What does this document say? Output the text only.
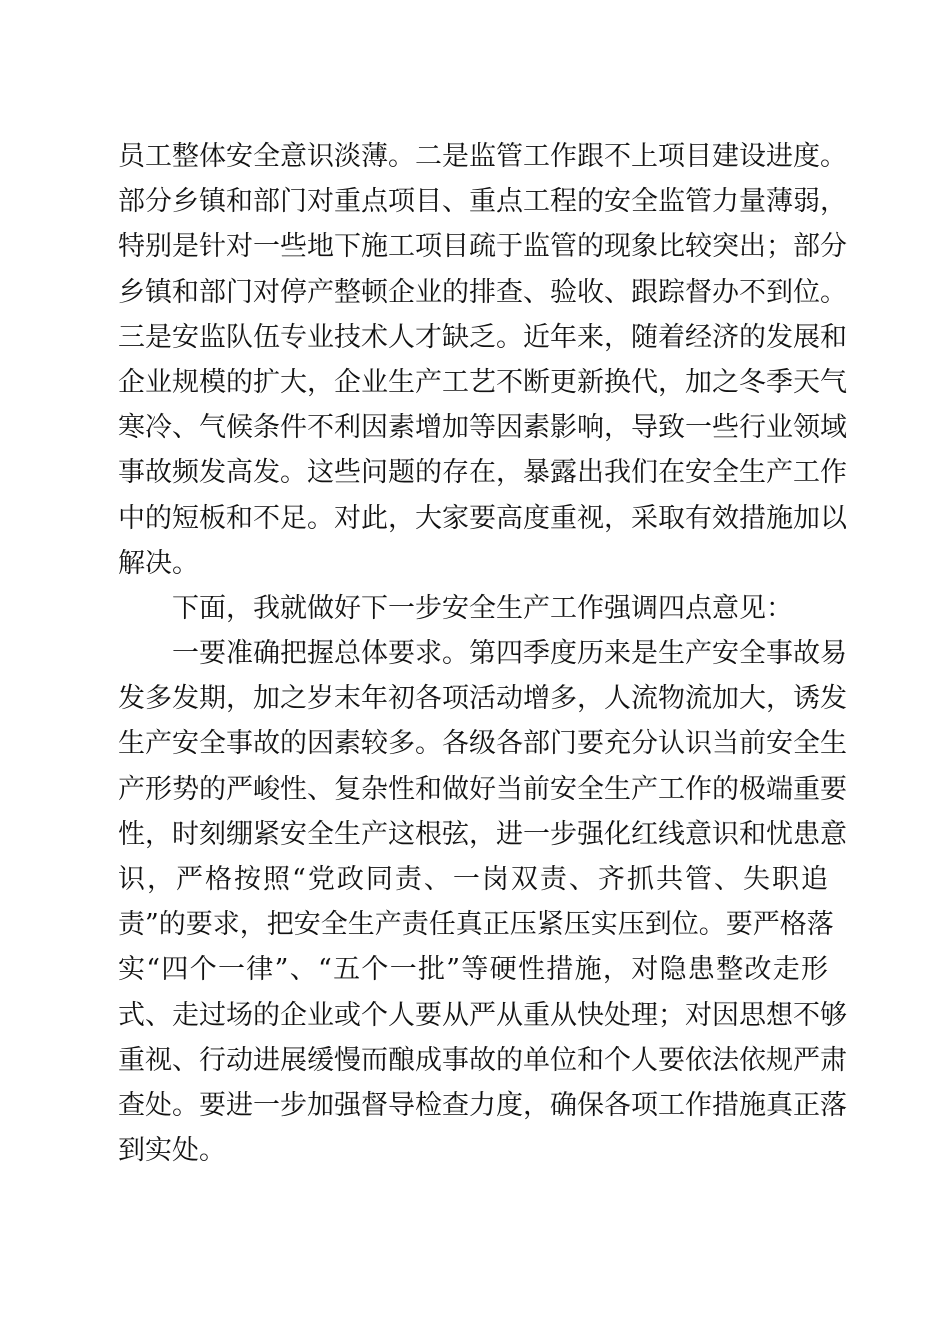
员工整体安全意识淡薄。二是监管工作跟不上项目建设进度。
部分乡镇和部门对重点项目、重点工程的安全监管力量薄弱，
特别是针对一些地下施工项目疏于监管的现象比较突出；部分
乡镇和部门对停产整顿企业的排查、验收、跟踪督办不到位。
三是安监队伍专业技术人才缺乏。近年来，随着经济的发展和
企业规模的扩大，企业生产工艺不断更新换代，加之冬季天气
寒冷、气候条件不利因素增加等因素影响，导致一些行业领域
事故频发高发。这些问题的存在，暴露出我们在安全生产工作
中的短板和不足。对此，大家要高度重视，采取有效措施加以
解决。
下面，我就做好下一步安全生产工作强调四点意见：
一要准确把握总体要求。第四季度历来是生产安全事故易
发多发期，加之岁末年初各项活动增多，人流物流加大，诱发
生产安全事故的因素较多。各级各部门要充分认识当前安全生
产形势的严峻性、复杂性和做好当前安全生产工作的极端重要
性，时刻绷紧安全生产这根弦，进一步强化红线意识和忧患意
识，严格按照“党政同责、一岗双责、齐抓共管、失职追
责”的要求，把安全生产责任真正压紧压实压到位。要严格落
实“四个一律”、“五个一批”等硬性措施，对隐患整改走形
式、走过场的企业或个人要从严从重从快处理；对因思想不够
重视、行动进展缓慢而酿成事故的单位和个人要依法依规严肃
查处。要进一步加强督导检查力度，确保各项工作措施真正落
到实处。
